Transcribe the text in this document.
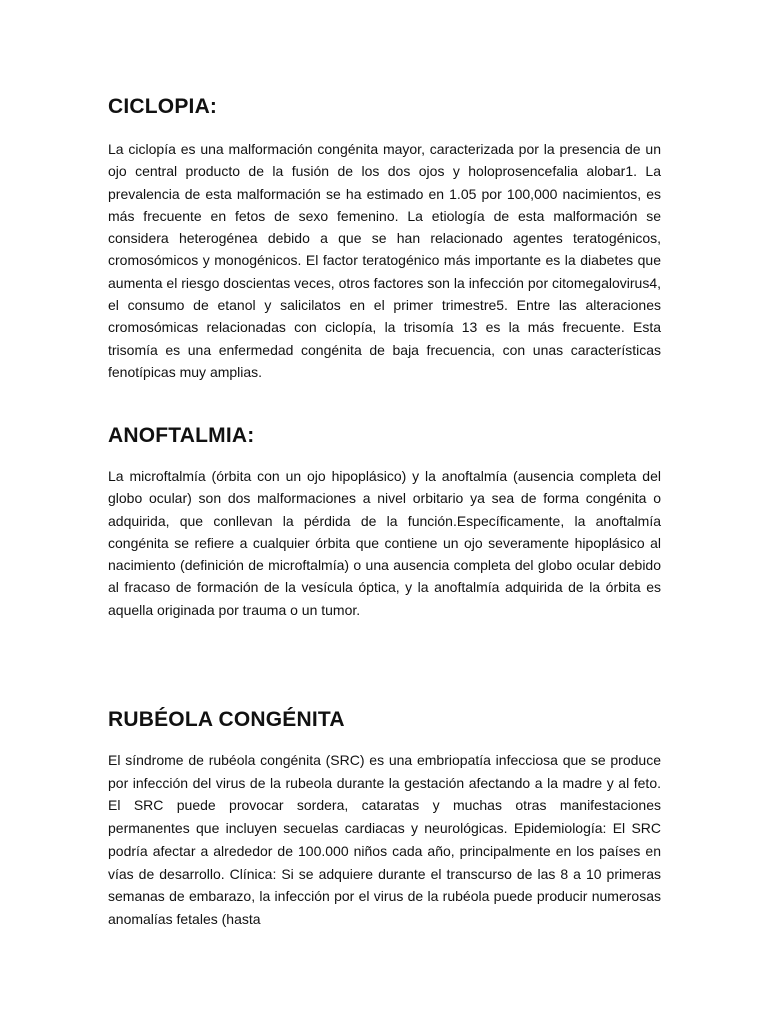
CICLOPIA:

La ciclopía es una malformación congénita mayor, caracterizada por la presencia de un ojo central producto de la fusión de los dos ojos y holoprosencefalia alobar1. La prevalencia de esta malformación se ha estimado en 1.05 por 100,000 nacimientos, es más frecuente en fetos de sexo femenino. La etiología de esta malformación se considera heterogénea debido a que se han relacionado agentes teratogénicos, cromosómicos y monogénicos. El factor teratogénico más importante es la diabetes que aumenta el riesgo doscientas veces, otros factores son la infección por citomegalovirus4, el consumo de etanol y salicilatos en el primer trimestre5. Entre las alteraciones cromosómicas relacionadas con ciclopía, la trisomía 13 es la más frecuente. Esta trisomía es una enfermedad congénita de baja frecuencia, con unas características fenotípicas muy amplias.

ANOFTALMIA:

La microftalmía (órbita con un ojo hipoplásico) y la anoftalmía (ausencia completa del globo ocular) son dos malformaciones a nivel orbitario ya sea de forma congénita o adquirida, que conllevan la pérdida de la función.Específicamente, la anoftalmía congénita se refiere a cualquier órbita que contiene un ojo severamente hipoplásico al nacimiento (definición de microftalmía) o una ausencia completa del globo ocular debido al fracaso de formación de la vesícula óptica, y la anoftalmía adquirida de la órbita es aquella originada por trauma o un tumor.

RUBÉOLA CONGÉNITA

El síndrome de rubéola congénita (SRC) es una embriopatía infecciosa que se produce por infección del virus de la rubeola durante la gestación afectando a la madre y al feto. El SRC puede provocar sordera, cataratas y muchas otras manifestaciones permanentes que incluyen secuelas cardiacas y neurológicas. Epidemiología: El SRC podría afectar a alrededor de 100.000 niños cada año, principalmente en los países en vías de desarrollo. Clínica: Si se adquiere durante el transcurso de las 8 a 10 primeras semanas de embarazo, la infección por el virus de la rubéola puede producir numerosas anomalías fetales (hasta
